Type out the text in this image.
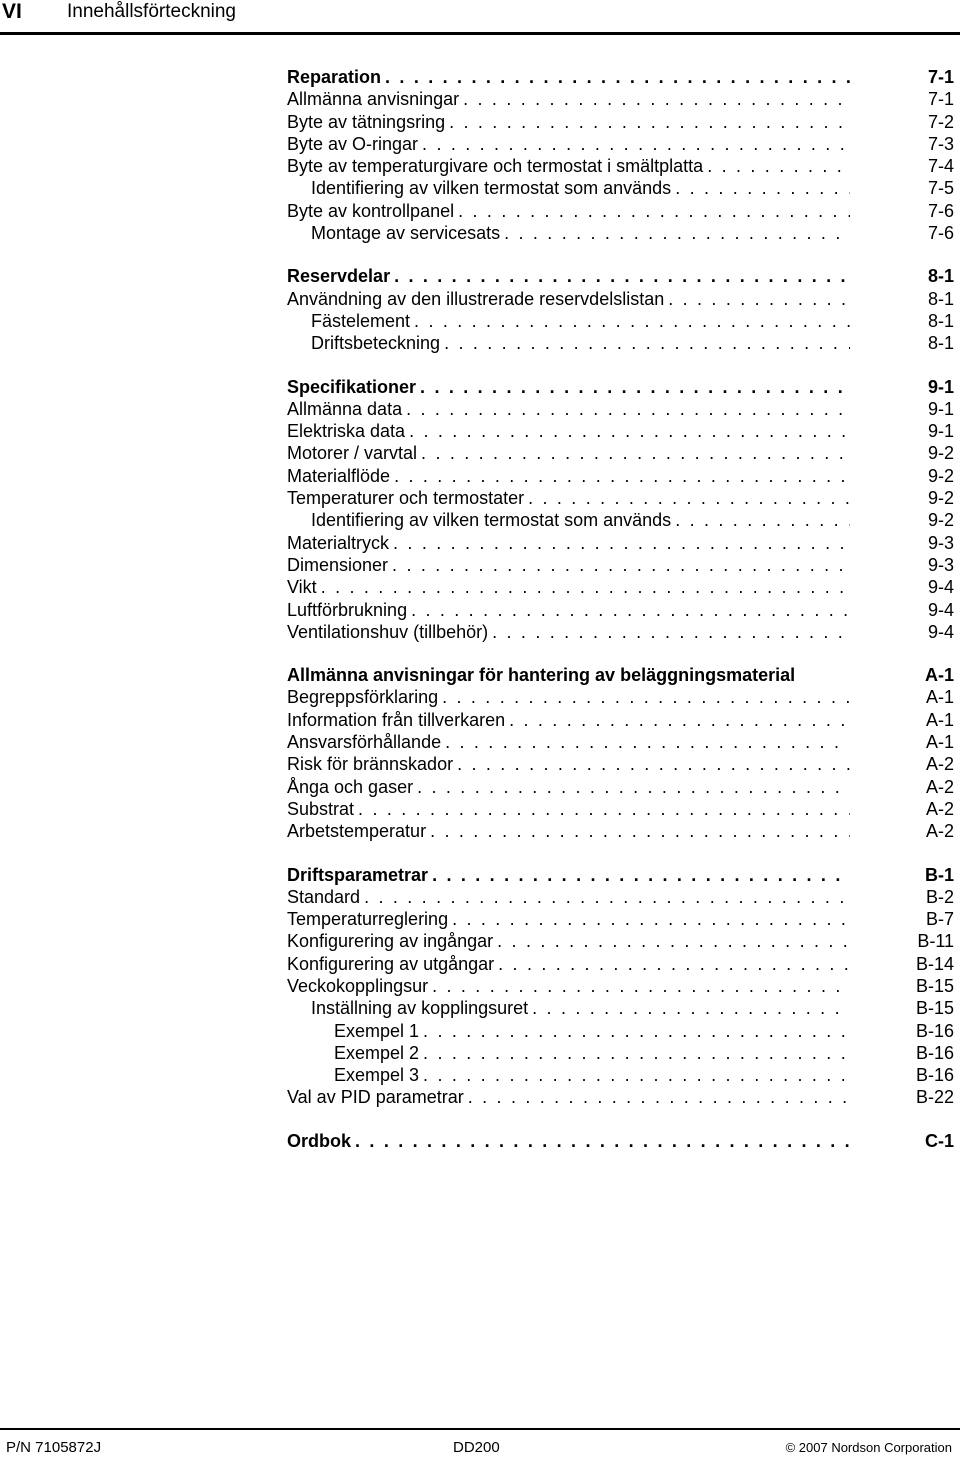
VI Innehållsförteckning
Reparation . . .	7-1
Allmänna anvisningar . . .	7-1
Byte av tätningsring . . .	7-2
Byte av O-ringar . . .	7-3
Byte av temperaturgivare och termostat i smältplatta . . .	7-4
Identifiering av vilken termostat som används . . .	7-5
Byte av kontrollpanel . . .	7-6
Montage av servicesats . . .	7-6
Reservdelar . . .	8-1
Användning av den illustrerade reservdelslistan . . .	8-1
Fästelement . . .	8-1
Driftsbeteckning . . .	8-1
Specifikationer . . .	9-1
Allmänna data . . .	9-1
Elektriska data . . .	9-1
Motorer / varvtal . . .	9-2
Materialflöde . . .	9-2
Temperaturer och termostater . . .	9-2
Identifiering av vilken termostat som används . . .	9-2
Materialtryck . . .	9-3
Dimensioner . . .	9-3
Vikt . . .	9-4
Luftförbrukning . . .	9-4
Ventilationshuv (tillbehör) . . .	9-4
Allmänna anvisningar för hantering av beläggningsmaterial	A-1
Begreppsförklaring . . .	A-1
Information från tillverkaren . . .	A-1
Ansvarsförhållande . . .	A-1
Risk för brännskador . . .	A-2
Ånga och gaser . . .	A-2
Substrat . . .	A-2
Arbetstemperatur . . .	A-2
Driftsparametrar . . .	B-1
Standard . . .	B-2
Temperaturreglering . . .	B-7
Konfigurering av ingångar . . .	B-11
Konfigurering av utgångar . . .	B-14
Veckokopplingsur . . .	B-15
Inställning av kopplingsuret . . .	B-15
Exempel 1 . . .	B-16
Exempel 2 . . .	B-16
Exempel 3 . . .	B-16
Val av PID parametrar . . .	B-22
Ordbok . . .	C-1
P/N 7105872J	DD200	© 2007 Nordson Corporation
